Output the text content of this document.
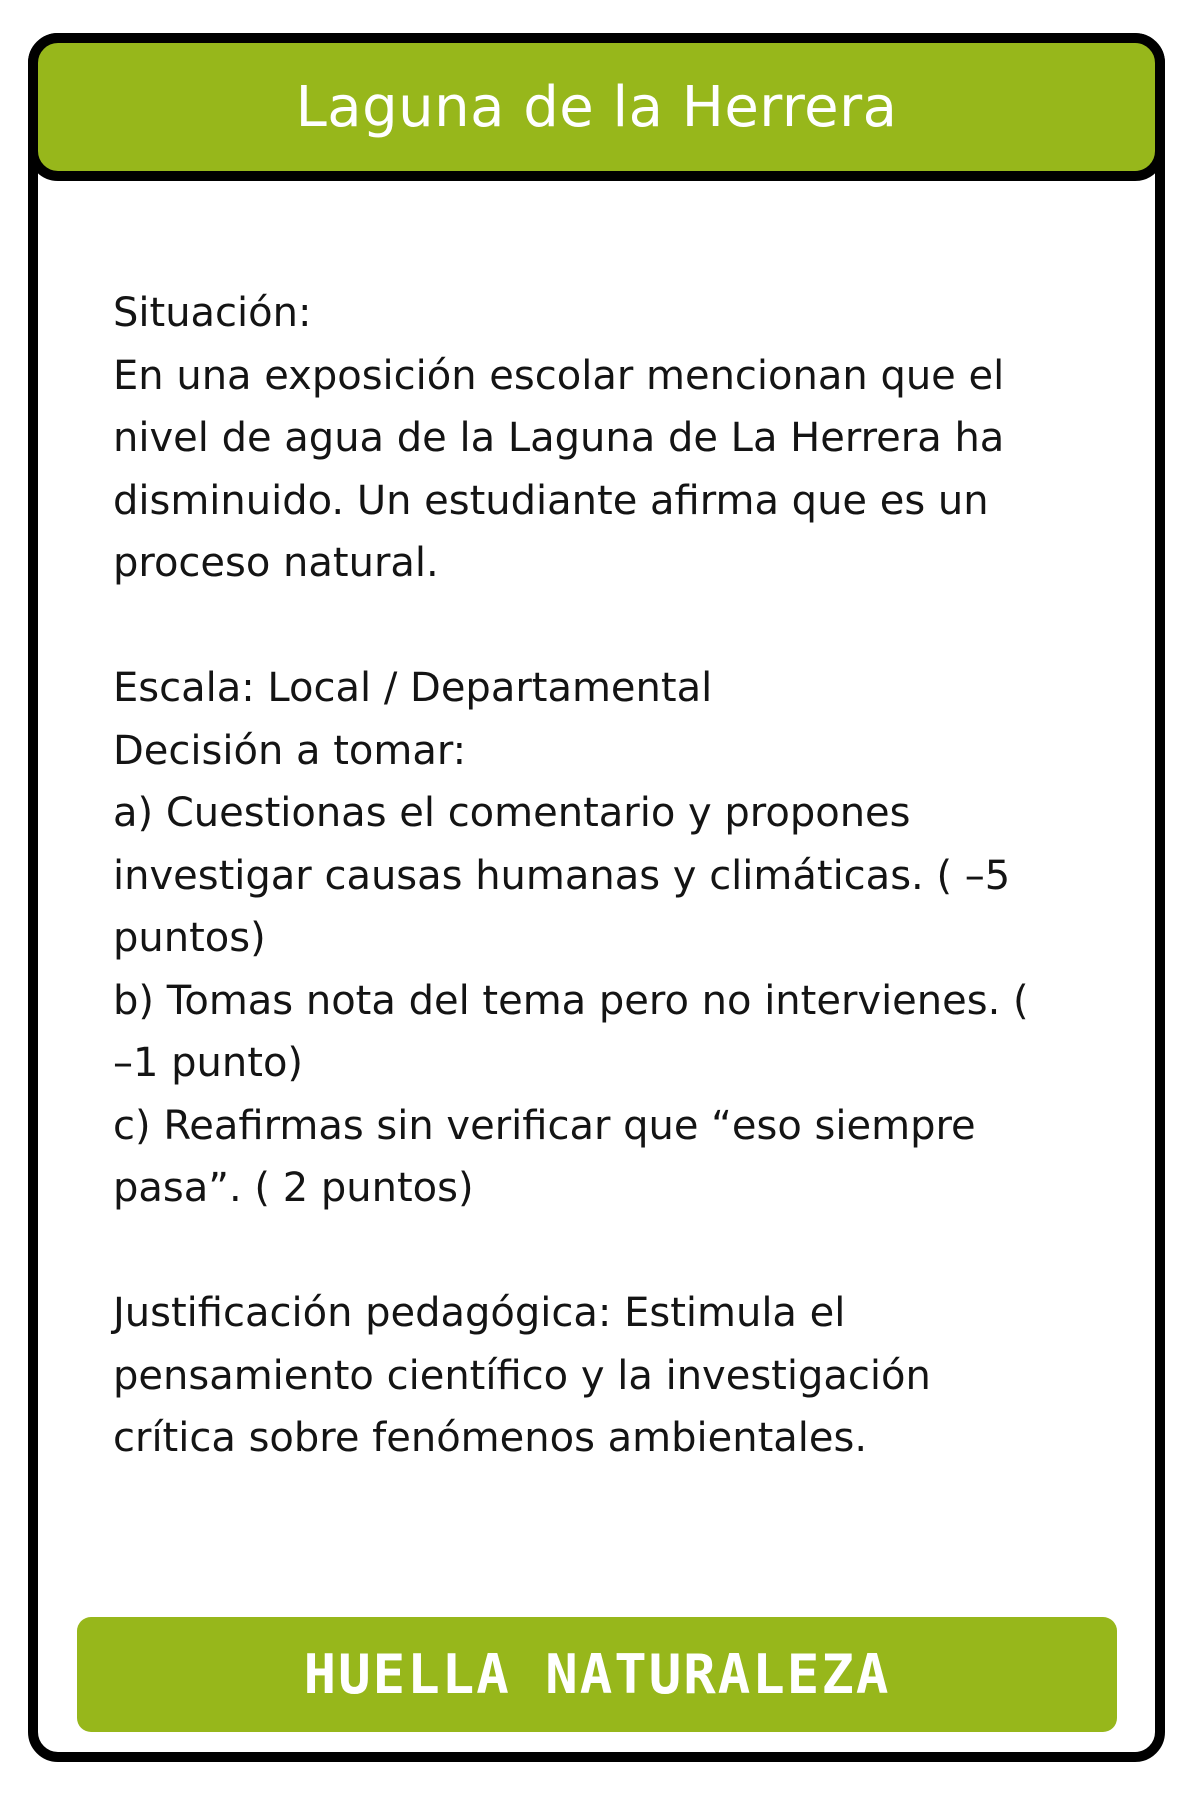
Laguna de la Herrera

Situación:

En una exposición escolar mencionan que el

nivel de agua de la Laguna de La Herrera ha

disminuido. Un estudiante afirma que es un

proceso natural.

Escala: Local / Departamental

Decisión a tomar:

a) Cuestionas el comentario y propones

investigar causas humanas y climáticas. ( –5

puntos)

b) Tomas nota del tema pero no intervienes. (

–1 punto)

c) Reafirmas sin verificar que “eso siempre

pasa”. ( 2 puntos)

Justificación pedagógica: Estimula el

pensamiento científico y la investigación

crítica sobre fenómenos ambientales.

HUELLA NATURALEZA
